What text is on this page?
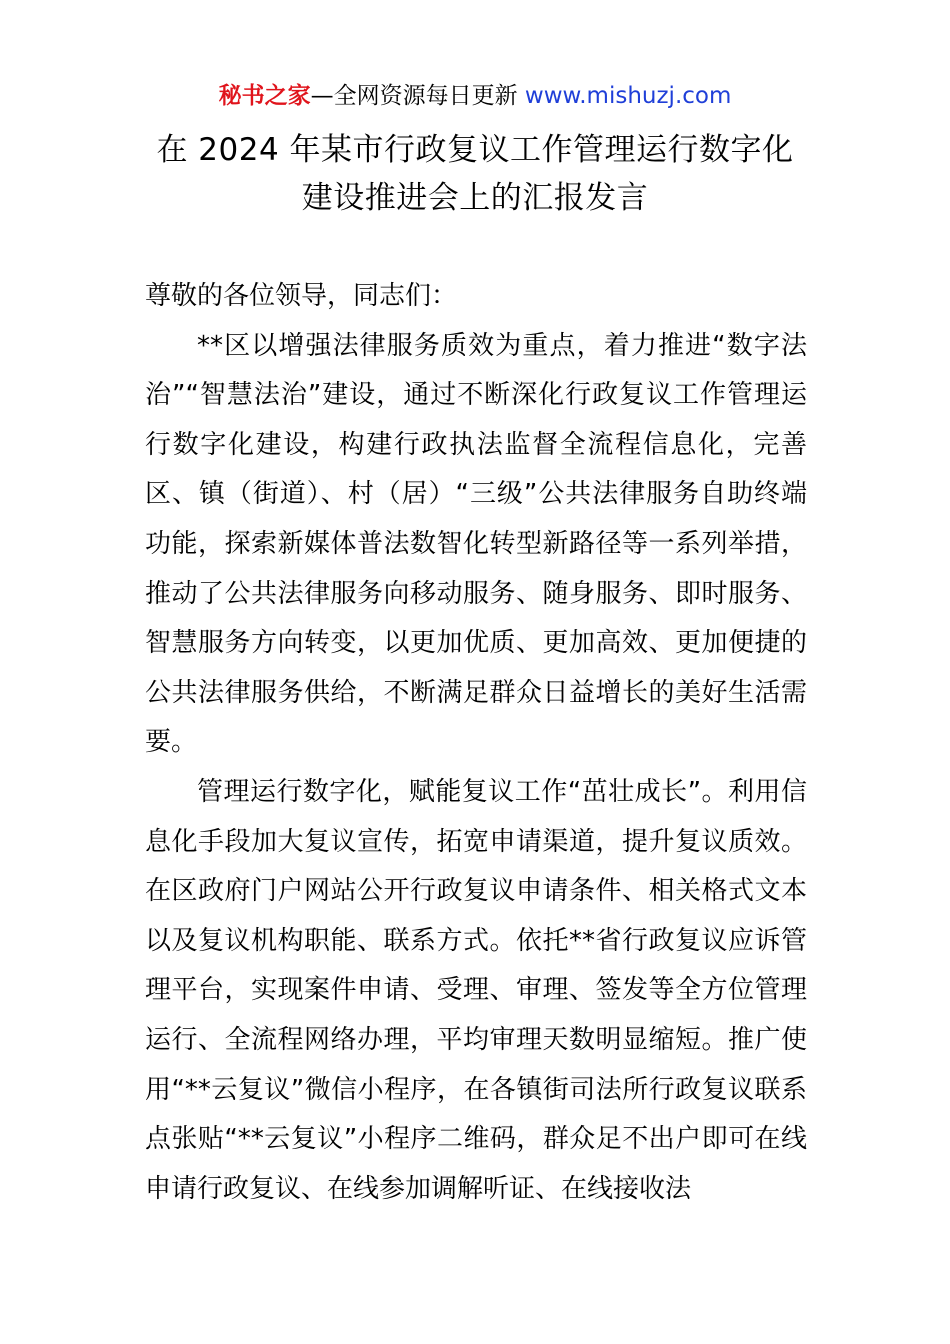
秘书之家—全网资源每日更新 www.mishuzj.com
在 2024 年某市行政复议工作管理运行数字化
建设推进会上的汇报发言

尊敬的各位领导，同志们：

**区以增强法律服务质效为重点，着力推进“数字法治”“智慧法治”建设，通过不断深化行政复议工作管理运行数字化建设，构建行政执法监督全流程信息化，完善区、镇（街道）、村（居）“三级”公共法律服务自助终端功能，探索新媒体普法数智化转型新路径等一系列举措，推动了公共法律服务向移动服务、随身服务、即时服务、智慧服务方向转变，以更加优质、更加高效、更加便捷的公共法律服务供给，不断满足群众日益增长的美好生活需要。

管理运行数字化，赋能复议工作“茁壮成长”。利用信息化手段加大复议宣传，拓宽申请渠道，提升复议质效。在区政府门户网站公开行政复议申请条件、相关格式文本以及复议机构职能、联系方式。依托**省行政复议应诉管理平台，实现案件申请、受理、审理、签发等全方位管理运行、全流程网络办理，平均审理天数明显缩短。推广使用“**云复议”微信小程序，在各镇街司法所行政复议联系点张贴“**云复议”小程序二维码，群众足不出户即可在线申请行政复议、在线参加调解听证、在线接收法
